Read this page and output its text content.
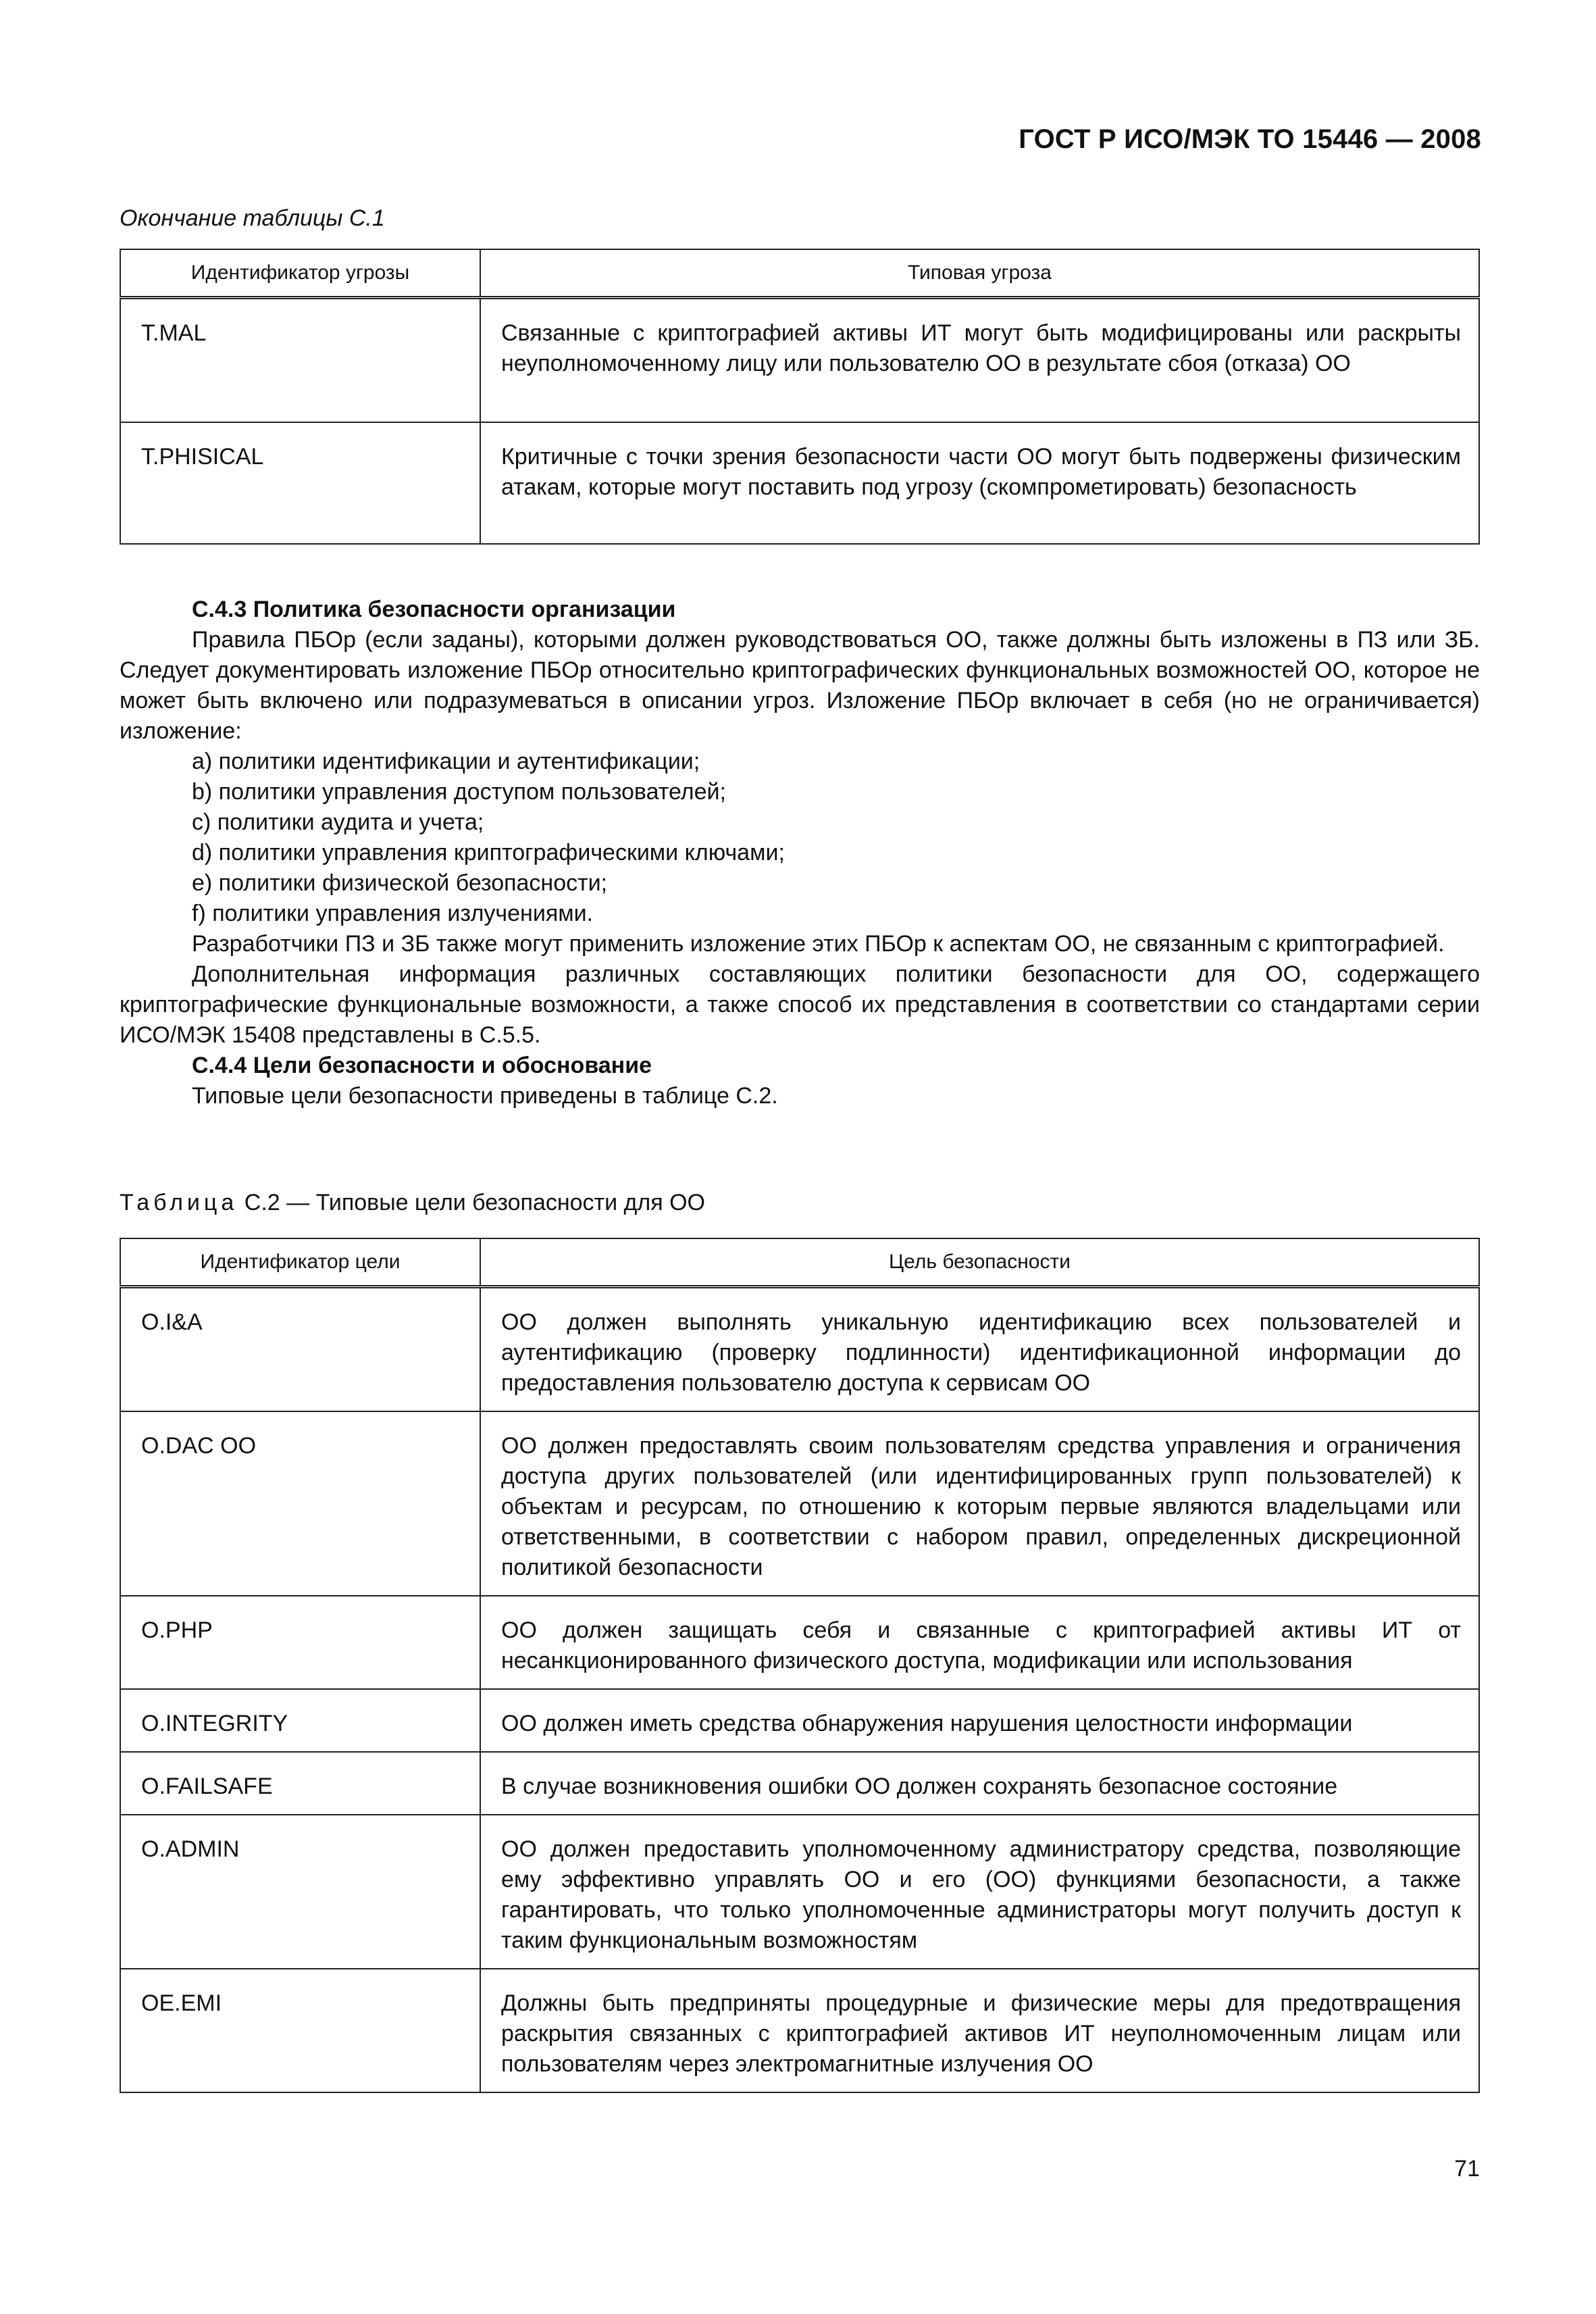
ГОСТ Р ИСО/МЭК ТО 15446 — 2008
Окончание таблицы С.1
Идентификатор угрозы	Типовая угроза
T.MAL	Связанные с криптографией активы ИТ могут быть модифицированы или раскрыты неуполномоченному лицу или пользователю ОО в результате сбоя (отказа) ОО
T.PHISICAL	Критичные с точки зрения безопасности части ОО могут быть подвержены физическим атакам, которые могут поставить под угрозу (скомпрометировать) безопасность

С.4.3 Политика безопасности организации

Правила ПБОр (если заданы), которыми должен руководствоваться ОО, также должны быть изложены в ПЗ или ЗБ. Следует документировать изложение ПБОр относительно криптографических функциональных возможностей ОО, которое не может быть включено или подразумеваться в описании угроз. Изложение ПБОр включает в себя (но не ограничивается) изложение:

a) политики идентификации и аутентификации;

b) политики управления доступом пользователей;

c) политики аудита и учета;

d) политики управления криптографическими ключами;

e) политики физической безопасности;

f) политики управления излучениями.

Разработчики ПЗ и ЗБ также могут применить изложение этих ПБОр к аспектам ОО, не связанным с криптографией.

Дополнительная информация различных составляющих политики безопасности для ОО, содержащего криптографические функциональные возможности, а также способ их представления в соответствии со стандартами серии ИСО/МЭК 15408 представлены в С.5.5.

С.4.4 Цели безопасности и обоснование

Типовые цели безопасности приведены в таблице С.2.

Таблица С.2 — Типовые цели безопасности для ОО
Идентификатор цели	Цель безопасности
O.I&A	ОО должен выполнять уникальную идентификацию всех пользователей и аутентификацию (проверку подлинности) идентификационной информации до предоставления пользователю доступа к сервисам ОО
O.DAC ОО	ОО должен предоставлять своим пользователям средства управления и ограничения доступа других пользователей (или идентифицированных групп пользователей) к объектам и ресурсам, по отношению к которым первые являются владельцами или ответственными, в соответствии с набором правил, определенных дискреционной политикой безопасности
O.PHP	ОО должен защищать себя и связанные с криптографией активы ИТ от несанкционированного физического доступа, модификации или использования
O.INTEGRITY	ОО должен иметь средства обнаружения нарушения целостности информации
O.FAILSAFE	В случае возникновения ошибки ОО должен сохранять безопасное состояние
O.ADMIN	ОО должен предоставить уполномоченному администратору средства, позволяющие ему эффективно управлять ОО и его (ОО) функциями безопасности, а также гарантировать, что только уполномоченные администраторы могут получить доступ к таким функциональным возможностям
OE.EMI	Должны быть предприняты процедурные и физические меры для предотвращения раскрытия связанных с криптографией активов ИТ неуполномоченным лицам или пользователям через электромагнитные излучения ОО
71
